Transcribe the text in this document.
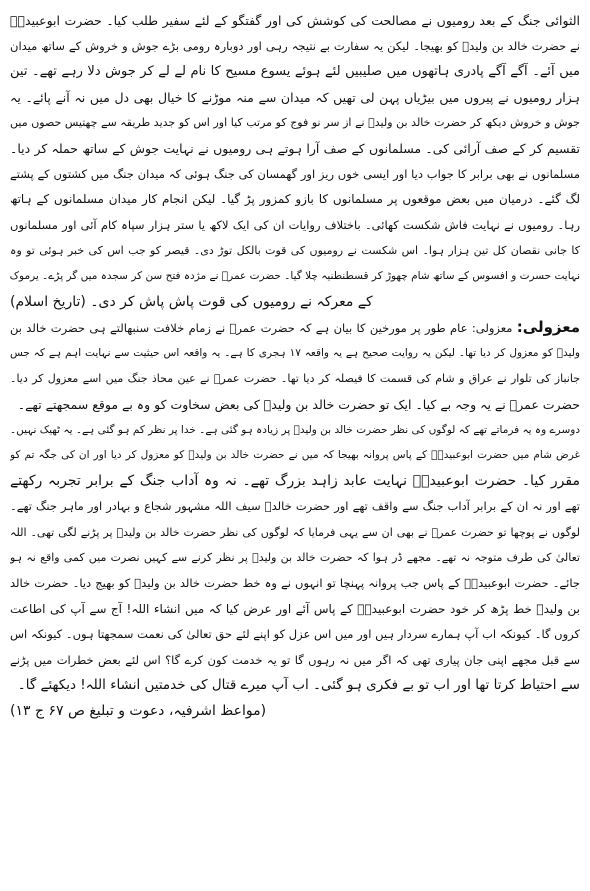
الثوائی جنگ کے بعد رومیوں نے مصالحت کی کوشش کی اور گفتگو کے لئے سفیر طلب کیا۔ حضرت ابوعبیدہؓ
نے حضرت خالد بن ولیدؓ کو بھیجا۔ لیکن یہ سفارت بے نتیجہ رہی اور دوبارہ رومی بڑے جوش و خروش کے ساتھ میدان
میں آئے۔ آگے آگے پادری ہاتھوں میں صلیبیں لئے ہوئے یسوع مسیح کا نام لے لے کر جوش دلا رہے تھے۔ تین
ہزار رومیوں نے پیروں میں بیڑیاں پہن لی تھیں کہ میدان سے منہ موڑنے کا خیال بھی دل میں نہ آنے پائے۔ یہ
جوش و خروش دیکھ کر حضرت خالد بن ولیدؓ نے از سر نو فوج کو مرتب کیا اور اس کو جدید طریقہ سے چھتیس حصوں میں
تقسیم کر کے صف آرائی کی۔ مسلمانوں کے صف آرا ہوتے ہی رومیوں نے نہایت جوش کے ساتھ حملہ کر دیا۔
مسلمانوں نے بھی برابر کا جواب دیا اور ایسی خوں ریز اور گھمسان کی جنگ ہوئی کہ میدان جنگ میں کشتوں کے پشتے
لگ گئے۔ درمیان میں بعض موقعوں پر مسلمانوں کا بازو کمزور پڑ گیا۔ لیکن انجام کار میدان مسلمانوں کے ہاتھ
رہا۔ رومیوں نے نہایت فاش شکست کھائی۔ باختلاف روایات ان کی ایک لاکھ یا ستر ہزار سپاہ کام آئی اور مسلمانوں
کا جانی نقصان کل تین ہزار ہوا۔ اس شکست نے رومیوں کی قوت بالکل توڑ دی۔ قیصر کو جب اس کی خبر ہوئی تو وہ
نہایت حسرت و افسوس کے ساتھ شام چھوڑ کر قسطنطنیہ چلا گیا۔ حضرت عمرؓ نے مژدہ فتح سن کر سجدہ میں گر پڑے۔ یرموک
کے معرکہ نے رومیوں کی قوت پاش پاش کر دی۔ (تاریخ اسلام)
معزولی: معزولی: عام طور پر مورخین کا بیان ہے کہ حضرت عمرؓ نے زمام خلافت سنبھالتے ہی حضرت خالد بن
ولیدؓ کو معزول کر دیا تھا۔ لیکن یہ روایت صحیح ہے یہ واقعہ ۱۷ ہجری کا ہے۔ یہ واقعہ اس حیثیت سے نہایت اہم ہے کہ جس
جانباز کی تلوار نے عراق و شام کی قسمت کا فیصلہ کر دیا تھا۔ حضرت عمرؓ نے عین محاذ جنگ میں اسے معزول کر دیا۔
حضرت عمرؓ نے یہ وجہ بے کیا۔ ایک تو حضرت خالد بن ولیدؓ کی بعض سخاوت کو وہ بے موقع سمجھتے تھے۔
دوسرے وہ یہ فرماتے تھے کہ لوگوں کی نظر حضرت خالد بن ولیدؓ پر زیادہ ہو گئی ہے۔ خدا پر نظر کم ہو گئی ہے۔ یہ ٹھیک نہیں۔
غرض شام میں حضرت ابوعبیدہؓ کے پاس پروانہ بھیجا کہ میں نے حضرت خالد بن ولیدؓ کو معزول کر دیا اور ان کی جگہ تم کو
مقرر کیا۔ حضرت ابوعبیدہؓ نہایت عابد زاہد بزرگ تھے۔ نہ وہ آداب جنگ کے برابر تجربہ رکھتے
تھے اور نہ ان کے برابر آداب جنگ سے واقف تھے اور حضرت خالدؓ سیف اللہ مشہور شجاع و بہادر اور ماہر جنگ تھے۔
لوگوں نے پوچھا تو حضرت عمرؓ نے بھی ان سے یہی فرمایا کہ لوگوں کی نظر حضرت خالد بن ولیدؓ پر پڑنے لگی تھی۔ اللہ
تعالیٰ کی طرف متوجہ نہ تھے۔ مجھے ڈر ہوا کہ حضرت خالد بن ولیدؓ پر نظر کرنے سے کہیں نصرت میں کمی واقع نہ ہو
جائے۔ حضرت ابوعبیدہؓ کے پاس جب پروانہ پہنچا تو انہوں نے وہ خط حضرت خالد بن ولیدؓ کو بھیج دیا۔ حضرت خالد
بن ولیدؓ خط پڑھ کر خود حضرت ابوعبیدہؓ کے پاس آئے اور عرض کیا کہ میں انشاء اللہ! آج سے آپ کی اطاعت
کروں گا۔ کیونکہ اب آپ ہمارے سردار ہیں اور میں اس عزل کو اپنے لئے حق تعالیٰ کی نعمت سمجھتا ہوں۔ کیونکہ اس
سے قبل مجھے اپنی جان پیاری تھی کہ اگر میں نہ رہوں گا تو یہ خدمت کون کرے گا؟ اس لئے بعض خطرات میں پڑنے
سے احتیاط کرتا تھا اور اب تو بے فکری ہو گئی۔ اب آپ میرے قتال کی خدمتیں انشاء اللہ! دیکھئے گا۔
(مواعظ اشرفیہ، دعوت و تبلیغ ص ۶۷ ج ۱۳)
